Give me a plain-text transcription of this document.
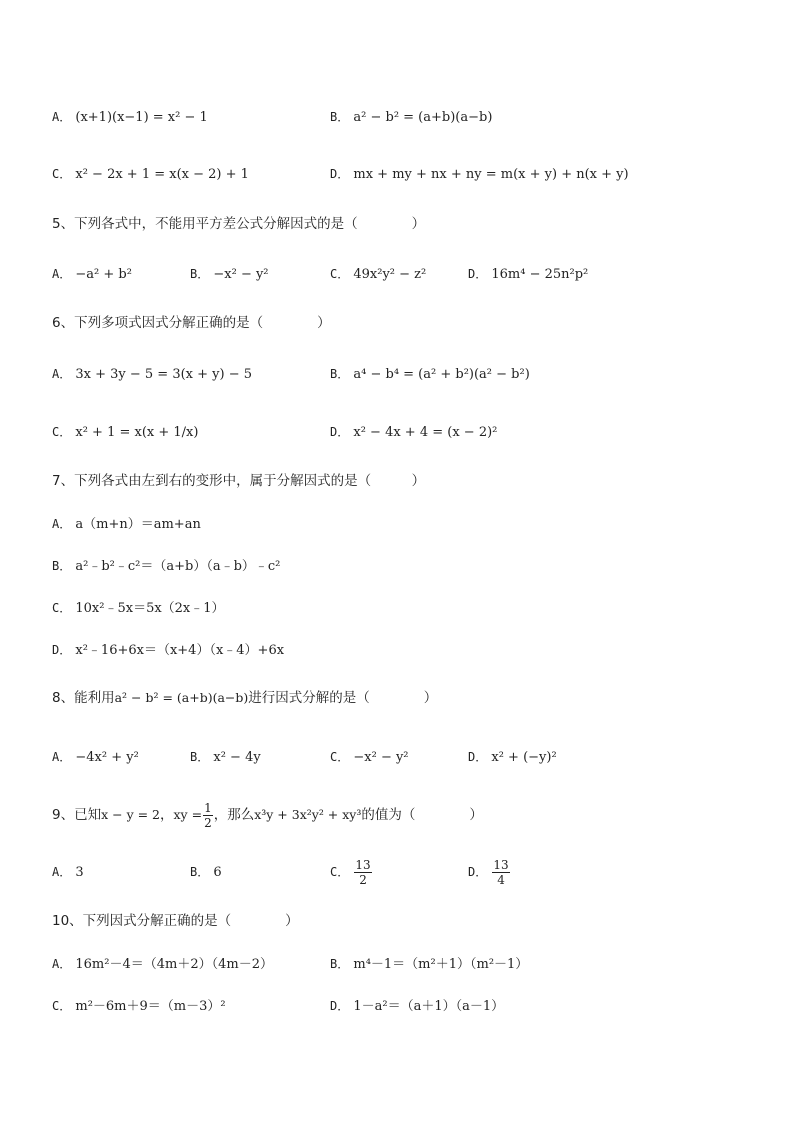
A． (x+1)(x−1) = x² − 1	B． a² − b² = (a+b)(a−b)
C． x² − 2x + 1 = x(x − 2) + 1	D． mx + my + nx + ny = m(x + y) + n(x + y)
5、下列各式中，不能用平方差公式分解因式的是（　　　　）
A． −a² + b²	B． −x² − y²	C． 49x²y² − z²	D． 16m⁴ − 25n²p²
6、下列多项式因式分解正确的是（　　　　）
A． 3x + 3y − 5 = 3(x + y) − 5	B． a⁴ − b⁴ = (a² + b²)(a² − b²)
C． x² + 1 = x(x + 1/x)	D． x² − 4x + 4 = (x − 2)²
7、下列各式由左到右的变形中，属于分解因式的是（　　　）
A． a（m+n）＝am+an
B． a²﹣b²﹣c²＝（a+b）（a﹣b）﹣c²
C． 10x²﹣5x＝5x（2x﹣1）
D． x²﹣16+6x＝（x+4）（x﹣4）+6x
8、能利用a² − b² = (a+b)(a−b)进行因式分解的是（　　　　）
A． −4x² + y²	B． x² − 4y	C． −x² − y²	D． x² + (−y)²
9、已知x − y = 2，xy = $\frac{1}{2}$ ，那么x³y + 3x²y² + xy³的值为（　　　　）
A． 3	B． 6	C． $\frac{13}{2}$	D． $\frac{13}{4}$
10、下列因式分解正确的是（　　　　）
A． 16m²－4＝（4m＋2）（4m－2）	B． m⁴－1＝（m²＋1）（m²－1）
C． m²－6m＋9＝（m－3）²	D． 1－a²＝（a＋1）（a－1）
